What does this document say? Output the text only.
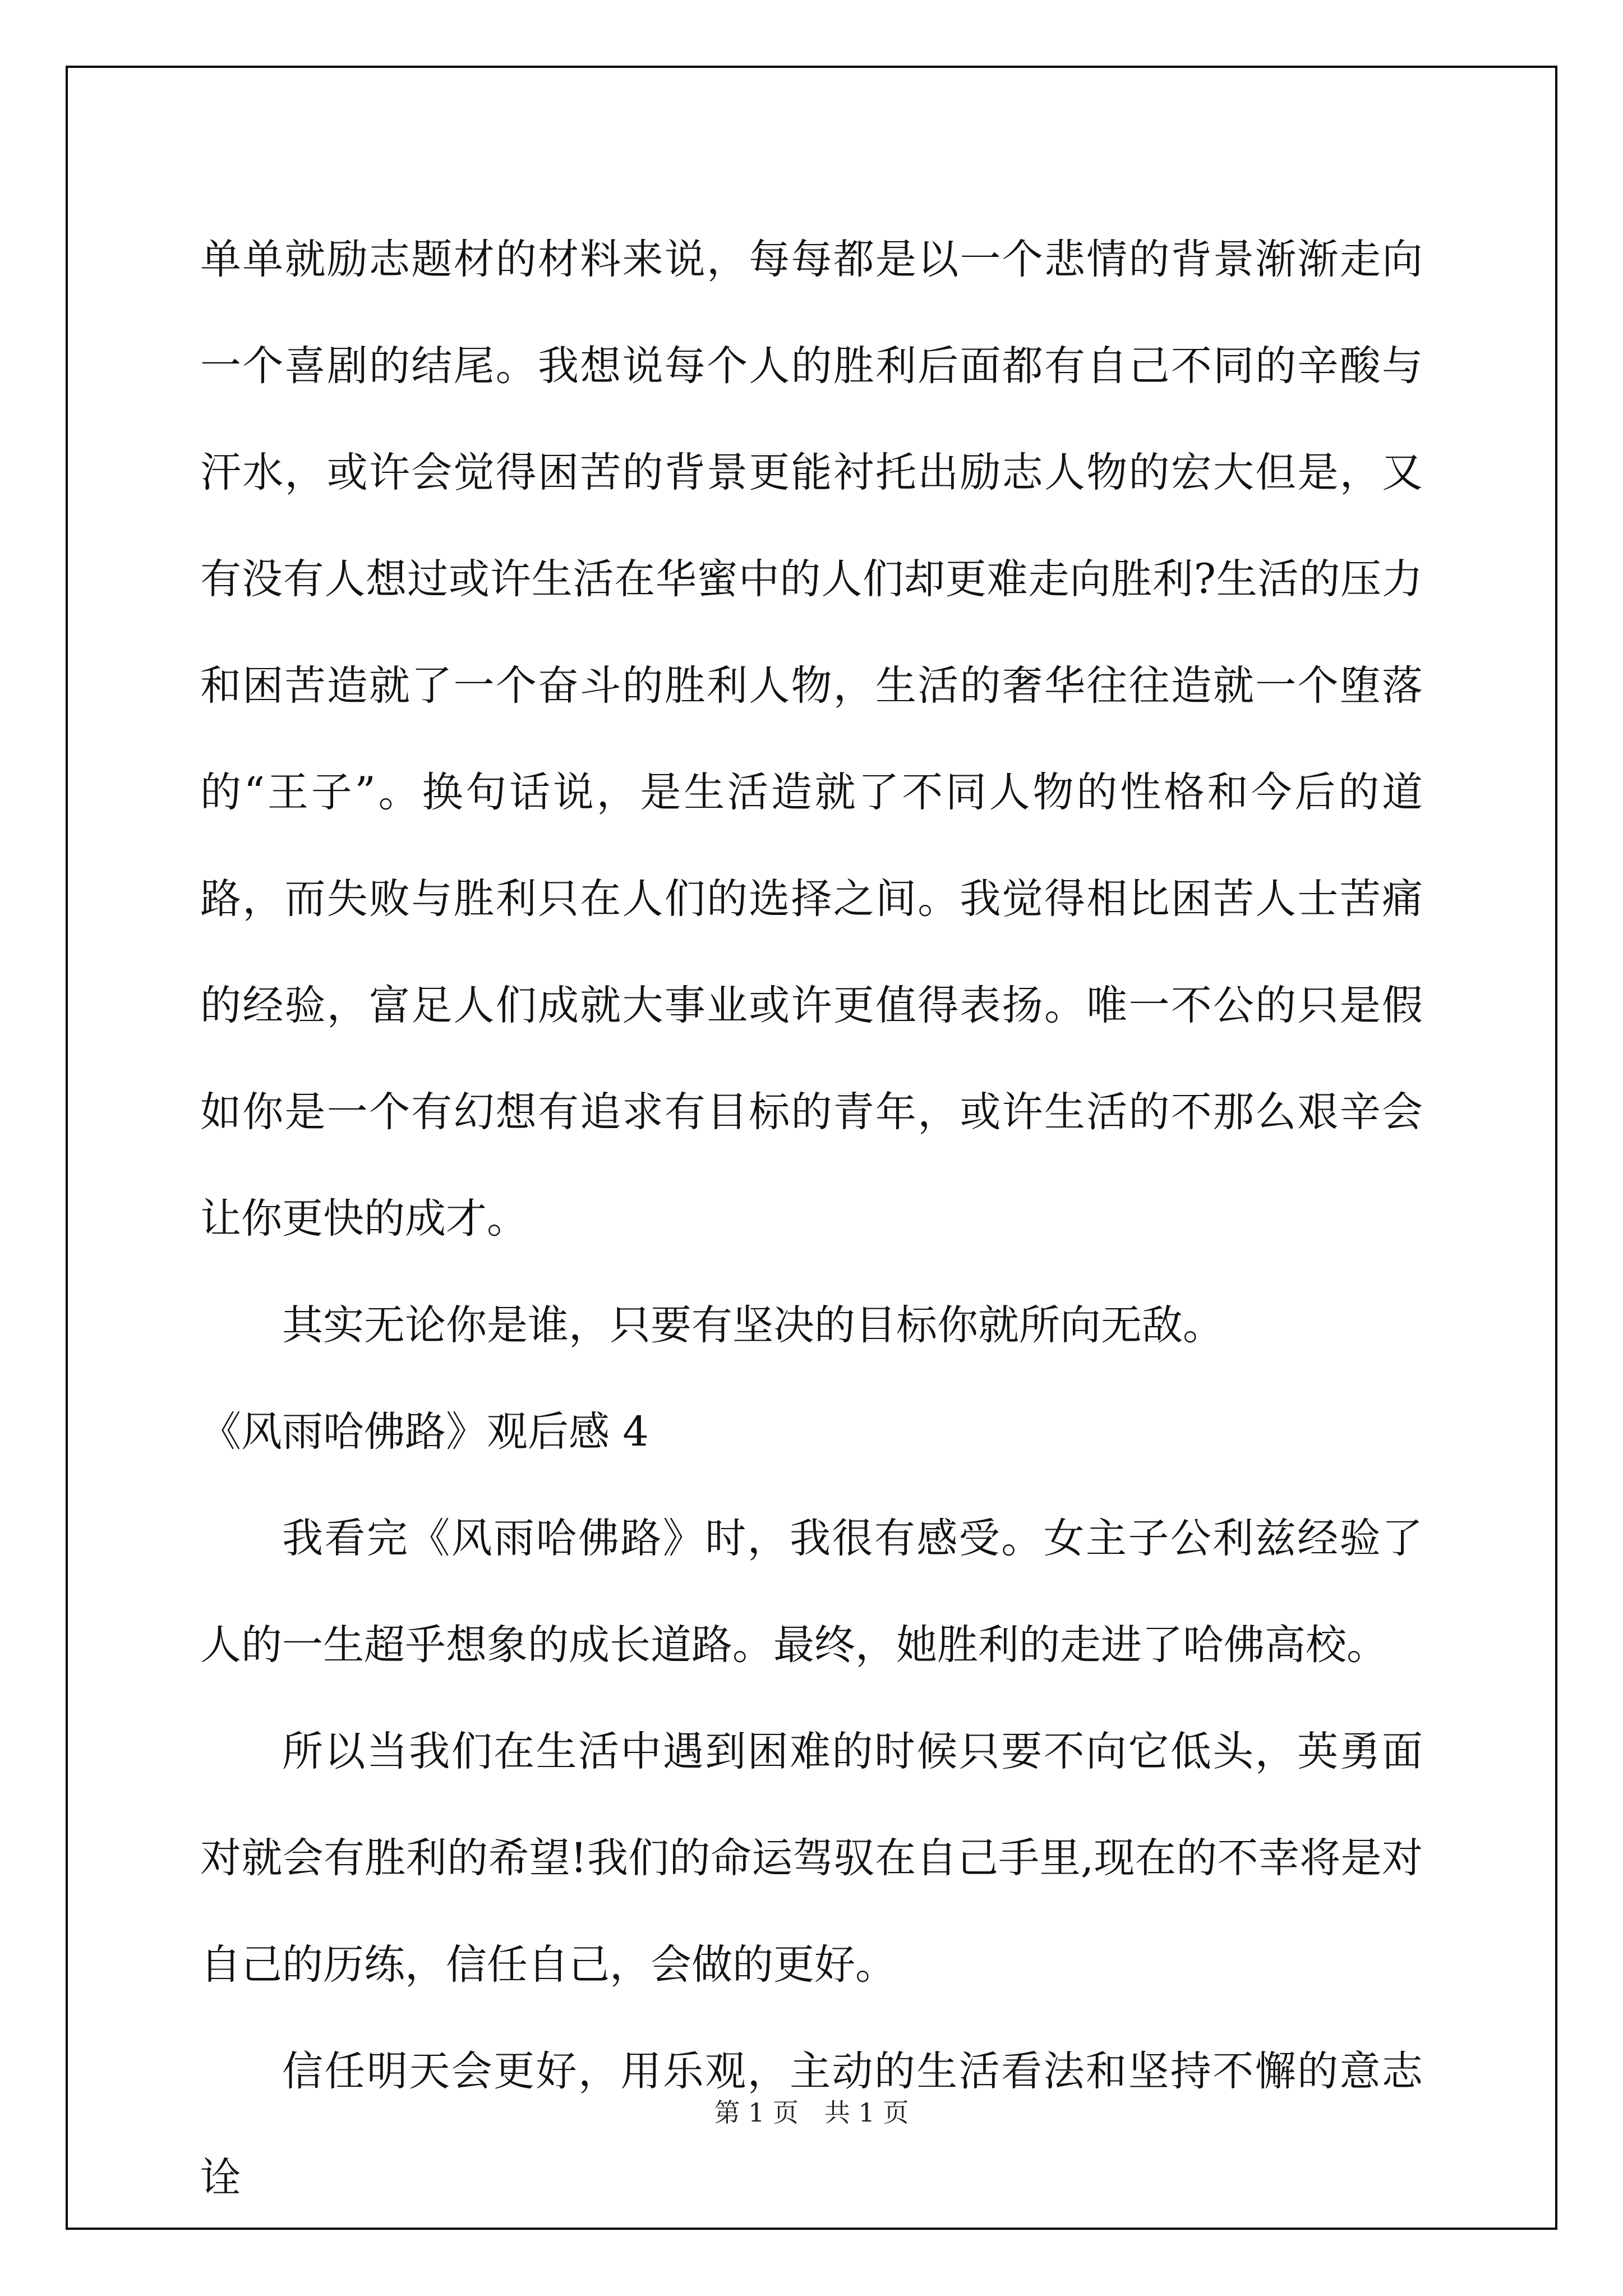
单单就励志题材的材料来说，每每都是以一个悲情的背景渐渐走向一个喜剧的结尾。我想说每个人的胜利后面都有自己不同的辛酸与汗水，或许会觉得困苦的背景更能衬托出励志人物的宏大但是，又有没有人想过或许生活在华蜜中的人们却更难走向胜利?生活的压力和困苦造就了一个奋斗的胜利人物，生活的奢华往往造就一个堕落的“王子”。换句话说，是生活造就了不同人物的性格和今后的道路，而失败与胜利只在人们的选择之间。我觉得相比困苦人士苦痛的经验，富足人们成就大事业或许更值得表扬。唯一不公的只是假如你是一个有幻想有追求有目标的青年，或许生活的不那么艰辛会让你更快的成才。

其实无论你是谁，只要有坚决的目标你就所向无敌。

《风雨哈佛路》观后感 4

我看完《风雨哈佛路》时，我很有感受。女主子公利兹经验了人的一生超乎想象的成长道路。最终，她胜利的走进了哈佛高校。

所以当我们在生活中遇到困难的时候只要不向它低头，英勇面对就会有胜利的希望!我们的命运驾驭在自己手里,现在的不幸将是对自己的历练，信任自己，会做的更好。

信任明天会更好，用乐观，主动的生活看法和坚持不懈的意志诠

第 1 页　共 1 页
